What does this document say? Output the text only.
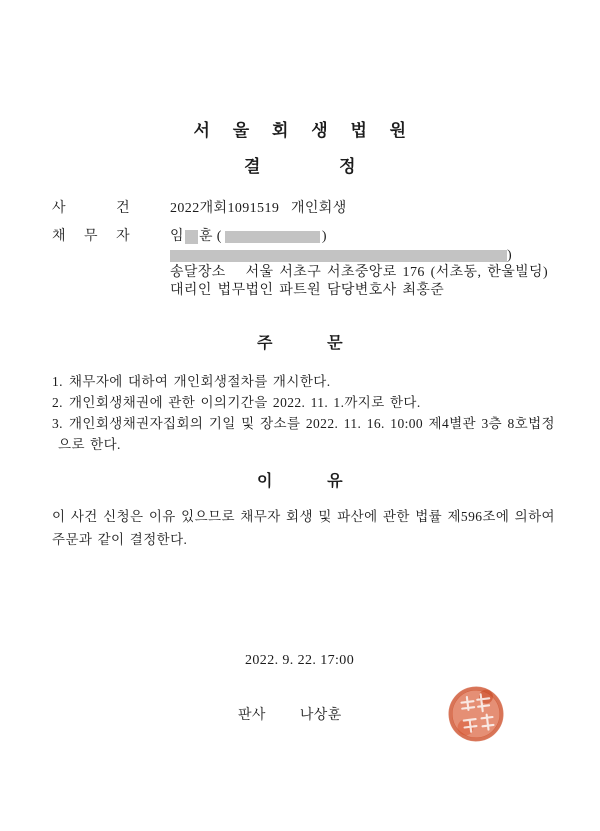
서 울 회 생 법 원
결	정
사	건	2022개회1091519   개인회생
채 무 자	임 훈 (	)
)
송달장소 서울 서초구 서초중앙로 176 (서초동, 한울빌딩)
대리인 법무법인 파트원 담당변호사 최홍준
주	문

1. 채무자에 대하여 개인회생절차를 개시한다.

2. 개인회생채권에 관한 이의기간을 2022. 11. 1.까지로 한다.

3. 개인회생채권자집회의 기일 및 장소를 2022. 11. 16. 10:00 제4별관 3층 8호법정으로 한다.

이	유

이 사건 신청은 이유 있으므로 채무자 회생 및 파산에 관한 법률 제596조에 의하여 주문과 같이 결정한다.

2022. 9. 22. 17:00
판사 나상훈
